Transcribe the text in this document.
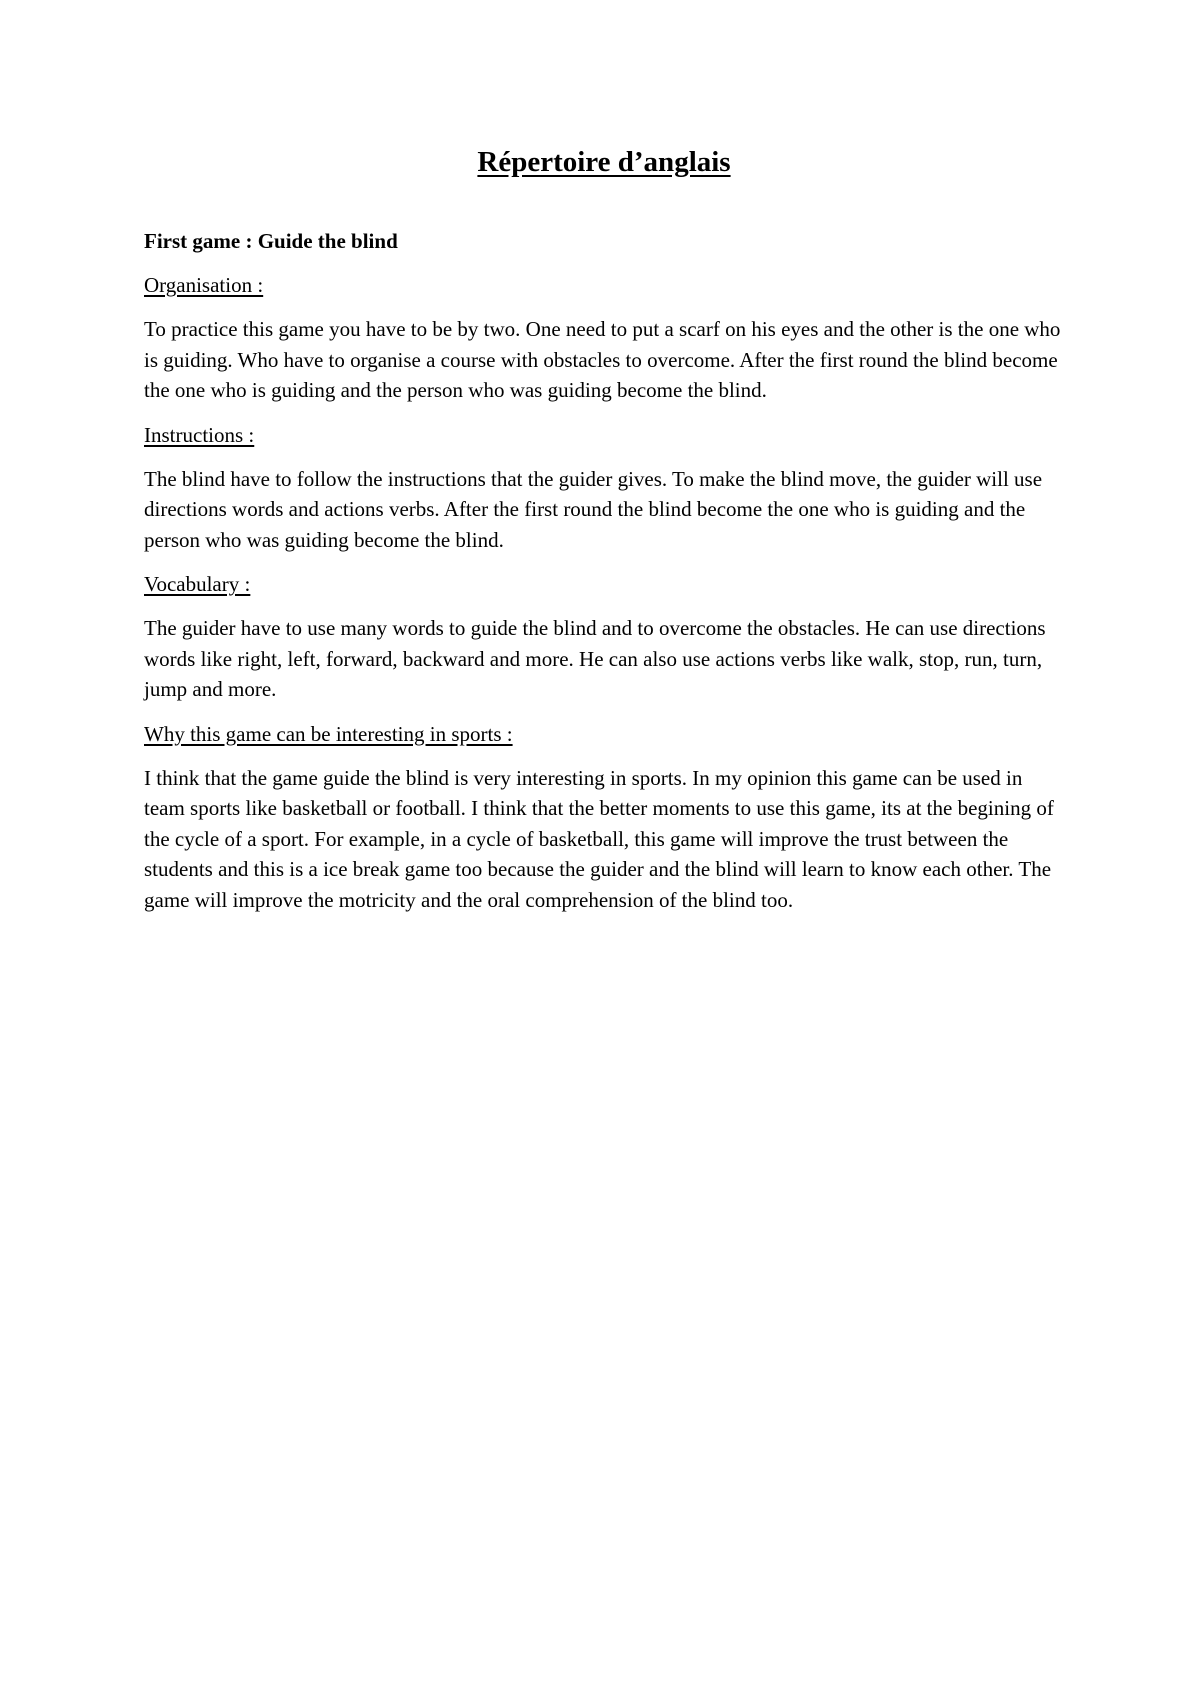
Répertoire d’anglais
First game : Guide the blind
Organisation :

To practice this game you have to be by two. One need to put a scarf on his eyes and the other is the one who is guiding. Who have to organise a course with obstacles to overcome. After the first round the blind become the one who is guiding and the person who was guiding become the blind.

Instructions :

The blind have to follow the instructions that the guider gives. To make the blind move, the guider will use directions words and actions verbs. After the first round the blind become the one who is guiding and the person who was guiding become the blind.

Vocabulary :

The guider have to use many words to guide the blind and to overcome the obstacles. He can use directions words like right, left, forward, backward and more. He can also use actions verbs like walk, stop, run, turn, jump and more.

Why this game can be interesting in sports :

I think that the game guide the blind is very interesting in sports. In my opinion this game can be used in team sports like basketball or football. I think that the better moments to use this game, its at the begining of the cycle of a sport. For example, in a cycle of basketball, this game will improve the trust between the students and this is a ice break game too because the guider and the blind will learn to know each other. The game will improve the motricity and the oral comprehension of the blind too.
